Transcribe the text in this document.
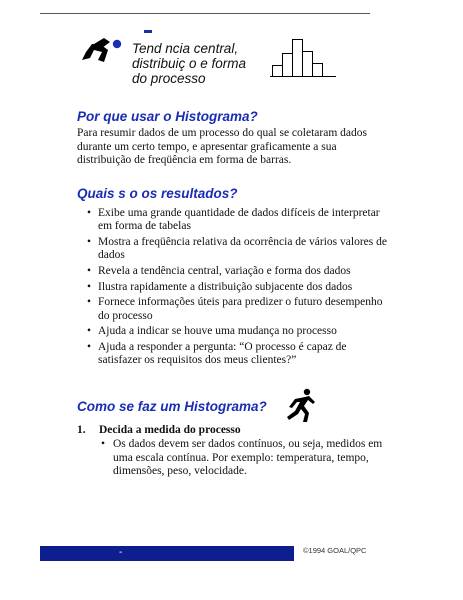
Tend ncia central,
distribuiç o e forma
do processo
Por que usar o Histograma?
Para resumir dados de um processo do qual se coletaram dados durante um certo tempo, e apresentar graficamente a sua distribuição de freqüência em forma de barras.
Quais s o os resultados?
• Exibe uma grande quantidade de dados difíceis de interpretar em forma de tabelas
• Mostra a freqüência relativa da ocorrência de vários valores de dados
• Revela a tendência central, variação e forma dos dados
• Ilustra rapidamente a distribuição subjacente dos dados
• Fornece informações úteis para predizer o futuro desempenho do processo
• Ajuda a indicar se houve uma mudança no processo
• Ajuda a responder a pergunta: “O processo é capaz de satisfazer os requisitos dos meus clientes?”
Como se faz um Histograma?
1. Decida a medida do processo
• Os dados devem ser dados contínuos, ou seja, medidos em uma escala contínua. Por exemplo: temperatura, tempo, dimensões, peso, velocidade.
-	©1994 GOAL/QPC
